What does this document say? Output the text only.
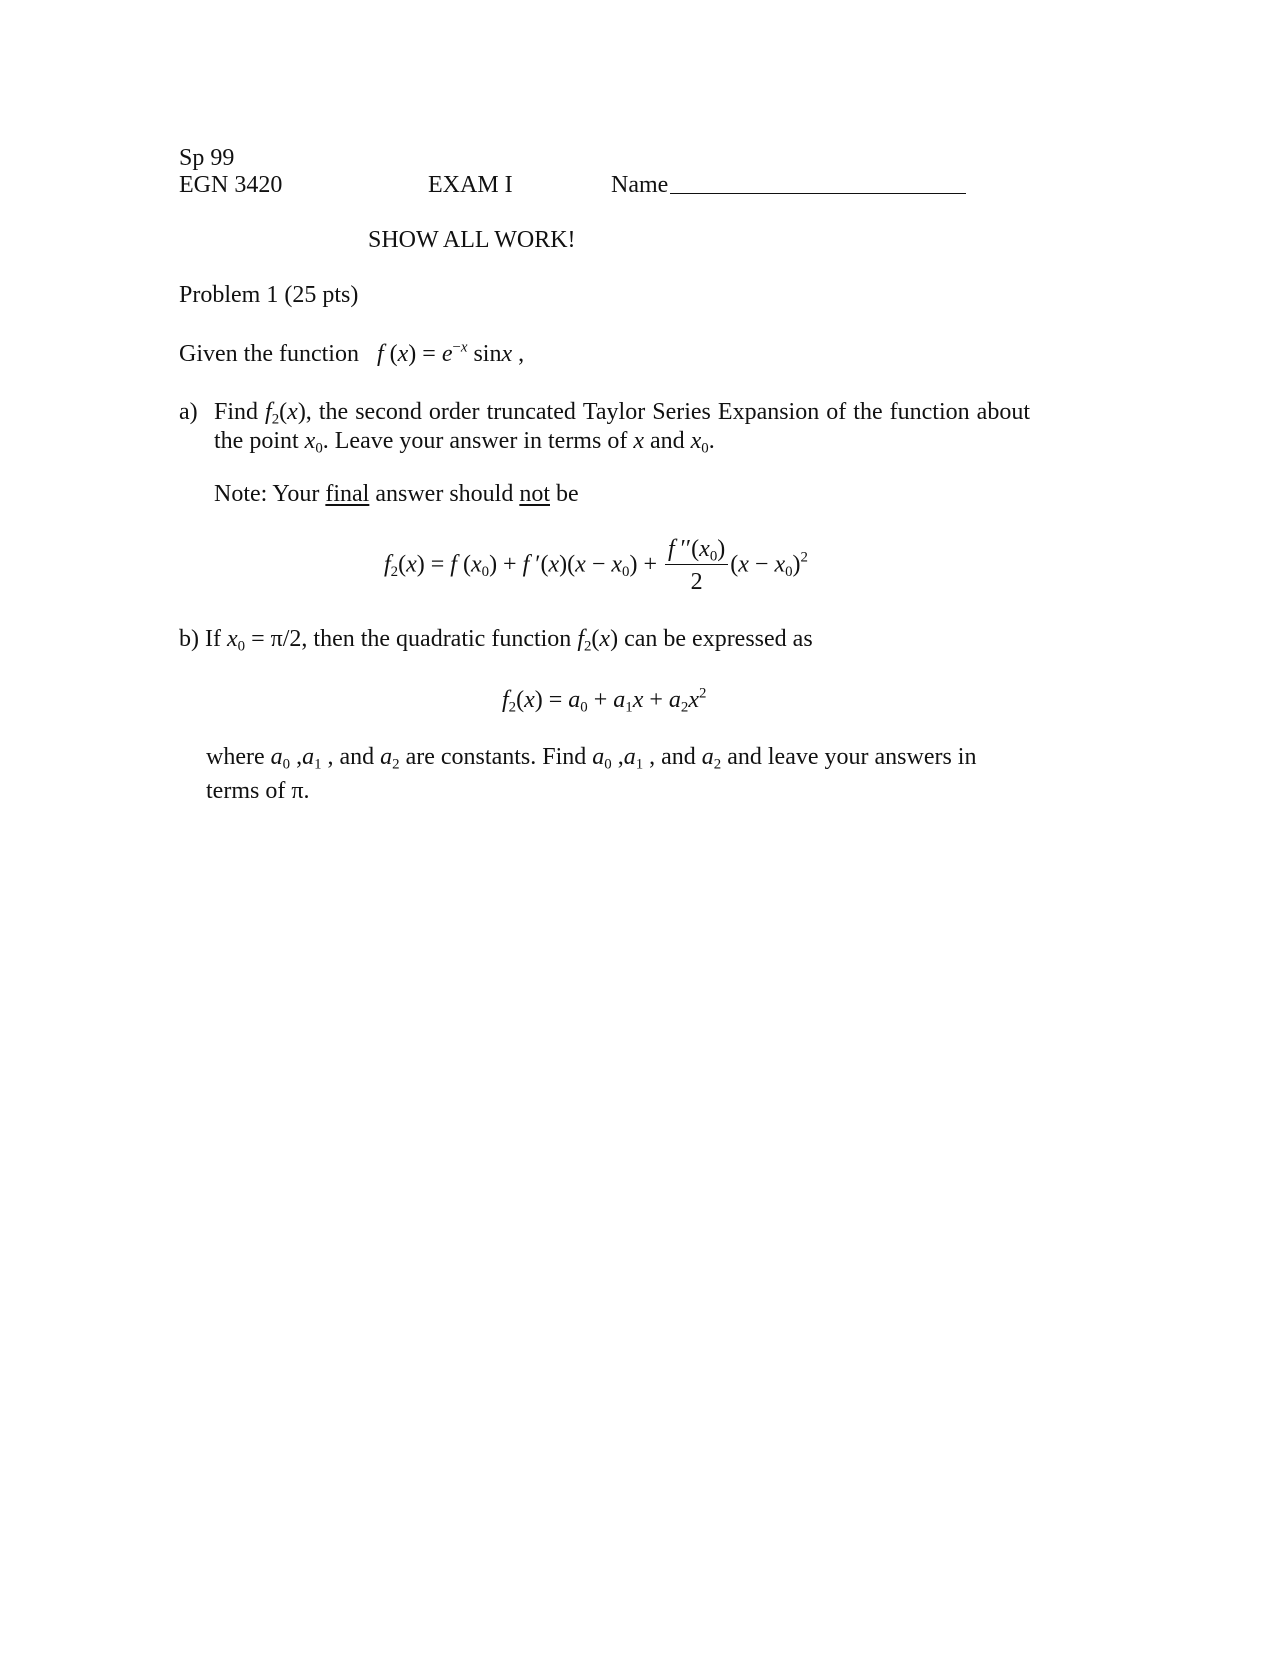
Sp 99
EGN 3420	EXAM I	Name
SHOW ALL WORK!
Problem 1 (25 pts)
Given the function f $(x) = e^{-x}$ sinx ,
a) Find $f_2(x)$, the second order truncated Taylor Series Expansion of the function about
the point $x_0$. Leave your answer in terms of x and $x_0$.
Note: Your final answer should not be
$f_2(x) = f$ $(x_0) + f$ $'(x)(x - x_0) + \frac{f ''(x_0)}{2} (x - x_0)^2$
b) If $x_0 = \pi/2$, then the quadratic function $f_2(x)$ can be expressed as
$f_2(x) = a_0 + a_1x + a_2x^2$
where $a_0$ $,a_1$ , and $a_2$ are constants. Find $a_0$ $,a_1$ , and $a_2$ and leave your answers in
terms of π.
